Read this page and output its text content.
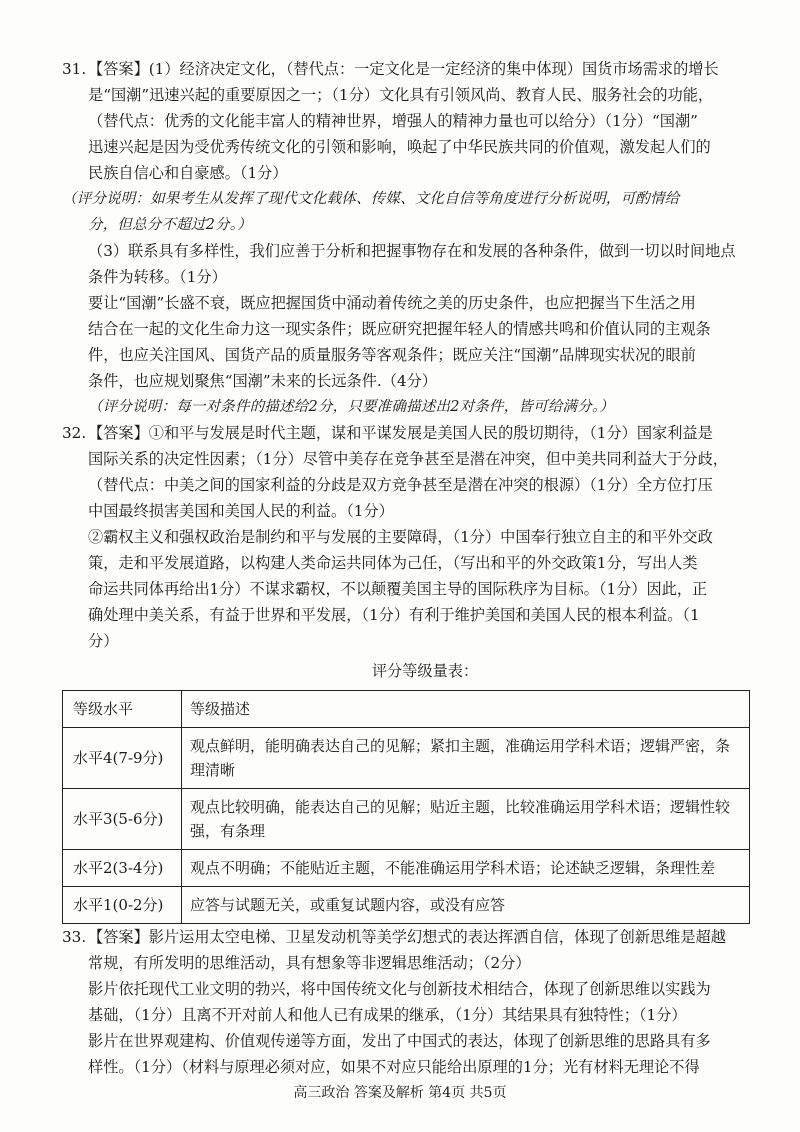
31. 【答案】(1）经济决定文化，（替代点：一定文化是一定经济的集中体现）国货市场需求的增长
是“国潮”迅速兴起的重要原因之一；（1分）文化具有引领风尚、教育人民、服务社会的功能，
（替代点：优秀的文化能丰富人的精神世界，增强人的精神力量也可以给分）（1分）“国潮”
迅速兴起是因为受优秀传统文化的引领和影响，唤起了中华民族共同的价值观，激发起人们的
民族自信心和自豪感。（1分）
（评分说明：如果考生从发挥了现代文化载体、传媒、文化自信等角度进行分析说明，可酌情给
分，但总分不超过2分。）
（3）联系具有多样性，我们应善于分析和把握事物存在和发展的各种条件，做到一切以时间地点
条件为转移。（1分）
要让“国潮”长盛不衰，既应把握国货中涌动着传统之美的历史条件，也应把握当下生活之用
结合在一起的文化生命力这一现实条件；既应研究把握年轻人的情感共鸣和价值认同的主观条
件，也应关注国风、国货产品的质量服务等客观条件；既应关注“国潮”品牌现实状况的眼前
条件，也应规划聚焦“国潮”未来的长远条件.（4分）
（评分说明：每一对条件的描述给2分，只要准确描述出2对条件，皆可给满分。）
32. 【答案】①和平与发展是时代主题，谋和平谋发展是美国人民的殷切期待，（1分）国家利益是
国际关系的决定性因素；（1分）尽管中美存在竞争甚至是潜在冲突，但中美共同利益大于分歧，
（替代点：中美之间的国家利益的分歧是双方竞争甚至是潜在冲突的根源）（1分）全方位打压
中国最终损害美国和美国人民的利益。（1分）
②霸权主义和强权政治是制约和平与发展的主要障碍，（1分）中国奉行独立自主的和平外交政
策，走和平发展道路，以构建人类命运共同体为己任，（写出和平的外交政策1分，写出人类
命运共同体再给出1分）不谋求霸权，不以颠覆美国主导的国际秩序为目标。（1分）因此，正
确处理中美关系，有益于世界和平发展，（1分）有利于维护美国和美国人民的根本利益。（1
分）
评分等级量表：
等级水平	等级描述
水平4(7-9分)	观点鲜明，能明确表达自己的见解；紧扣主题，准确运用学科术语；逻辑严密，条理清晰
水平3(5-6分)	观点比较明确，能表达自己的见解；贴近主题，比较准确运用学科术语；逻辑性较强，有条理
水平2(3-4分)	观点不明确；不能贴近主题，不能准确运用学科术语；论述缺乏逻辑，条理性差
水平1(0-2分)	应答与试题无关，或重复试题内容，或没有应答
33. 【答案】影片运用太空电梯、卫星发动机等美学幻想式的表达挥洒自信，体现了创新思维是超越
常规，有所发明的思维活动，具有想象等非逻辑思维活动；（2分）
影片依托现代工业文明的勃兴，将中国传统文化与创新技术相结合，体现了创新思维以实践为
基础，（1分）且离不开对前人和他人已有成果的继承，（1分）其结果具有独特性；（1分）
影片在世界观建构、价值观传递等方面，发出了中国式的表达，体现了创新思维的思路具有多
样性。（1分）（材料与原理必须对应，如果不对应只能给出原理的1分；光有材料无理论不得
高三政治 答案及解析 第4页 共5页
